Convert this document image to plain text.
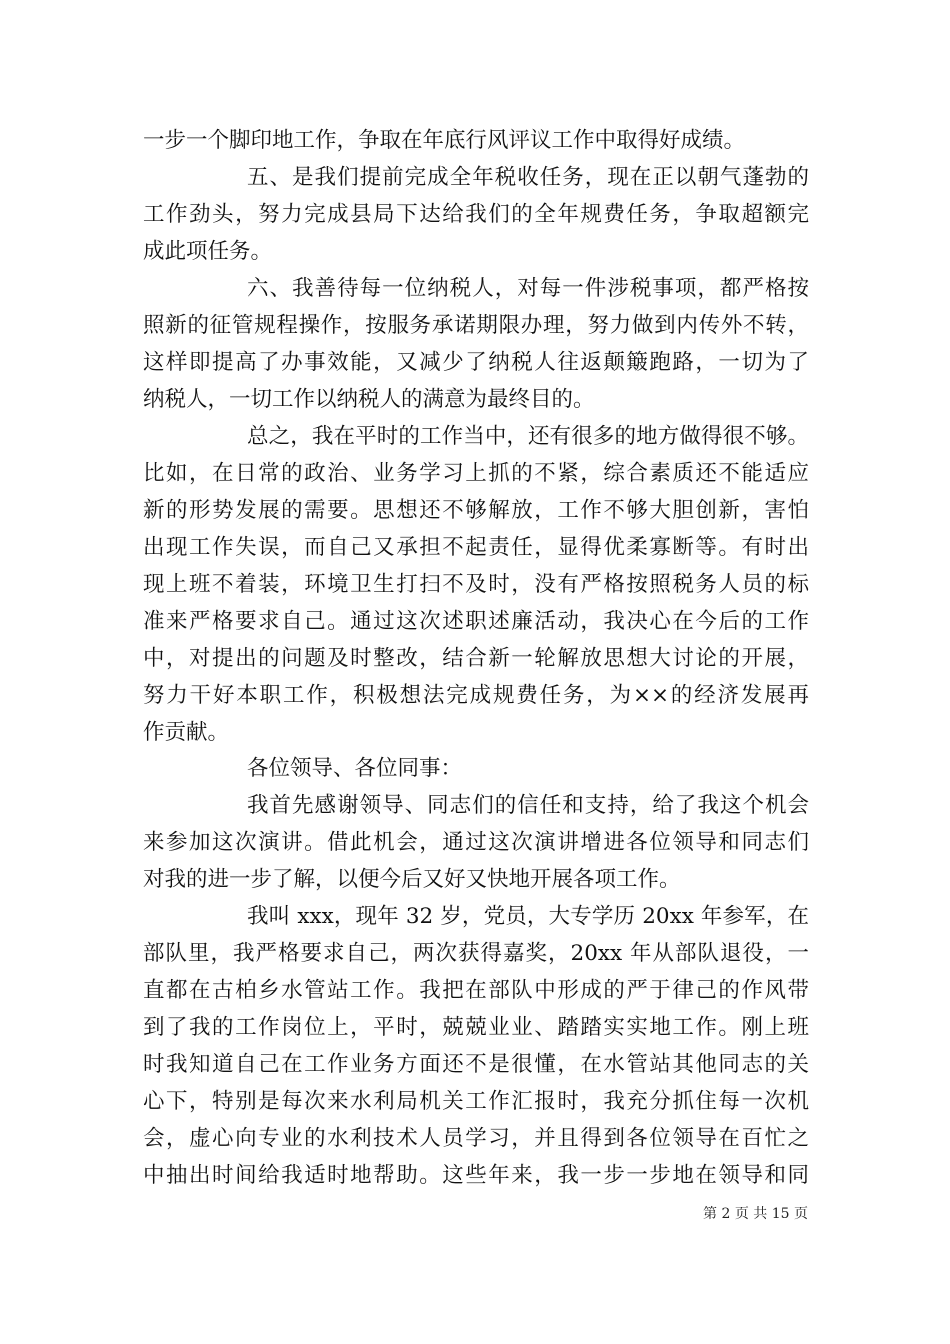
一步一个脚印地工作，争取在年底行风评议工作中取得好成绩。
五、是我们提前完成全年税收任务，现在正以朝气蓬勃的
工作劲头，努力完成县局下达给我们的全年规费任务，争取超额完
成此项任务。
六、我善待每一位纳税人，对每一件涉税事项，都严格按
照新的征管规程操作，按服务承诺期限办理，努力做到内传外不转，
这样即提高了办事效能，又减少了纳税人往返颠簸跑路，一切为了
纳税人，一切工作以纳税人的满意为最终目的。
总之，我在平时的工作当中，还有很多的地方做得很不够。
比如，在日常的政治、业务学习上抓的不紧，综合素质还不能适应
新的形势发展的需要。思想还不够解放，工作不够大胆创新，害怕
出现工作失误，而自己又承担不起责任，显得优柔寡断等。有时出
现上班不着装，环境卫生打扫不及时，没有严格按照税务人员的标
准来严格要求自己。通过这次述职述廉活动，我决心在今后的工作
中，对提出的问题及时整改，结合新一轮解放思想大讨论的开展，
努力干好本职工作，积极想法完成规费任务，为××的经济发展再
作贡献。
各位领导、各位同事：
我首先感谢领导、同志们的信任和支持，给了我这个机会
来参加这次演讲。借此机会，通过这次演讲增进各位领导和同志们
对我的进一步了解，以便今后又好又快地开展各项工作。
我叫 xxx，现年 32 岁，党员，大专学历 20xx 年参军，在
部队里，我严格要求自己，两次获得嘉奖，20xx 年从部队退役，一
直都在古柏乡水管站工作。我把在部队中形成的严于律己的作风带
到了我的工作岗位上，平时，兢兢业业、踏踏实实地工作。刚上班
时我知道自己在工作业务方面还不是很懂，在水管站其他同志的关
心下，特别是每次来水利局机关工作汇报时，我充分抓住每一次机
会，虚心向专业的水利技术人员学习，并且得到各位领导在百忙之
中抽出时间给我适时地帮助。这些年来，我一步一步地在领导和同
第 2 页 共 15 页
